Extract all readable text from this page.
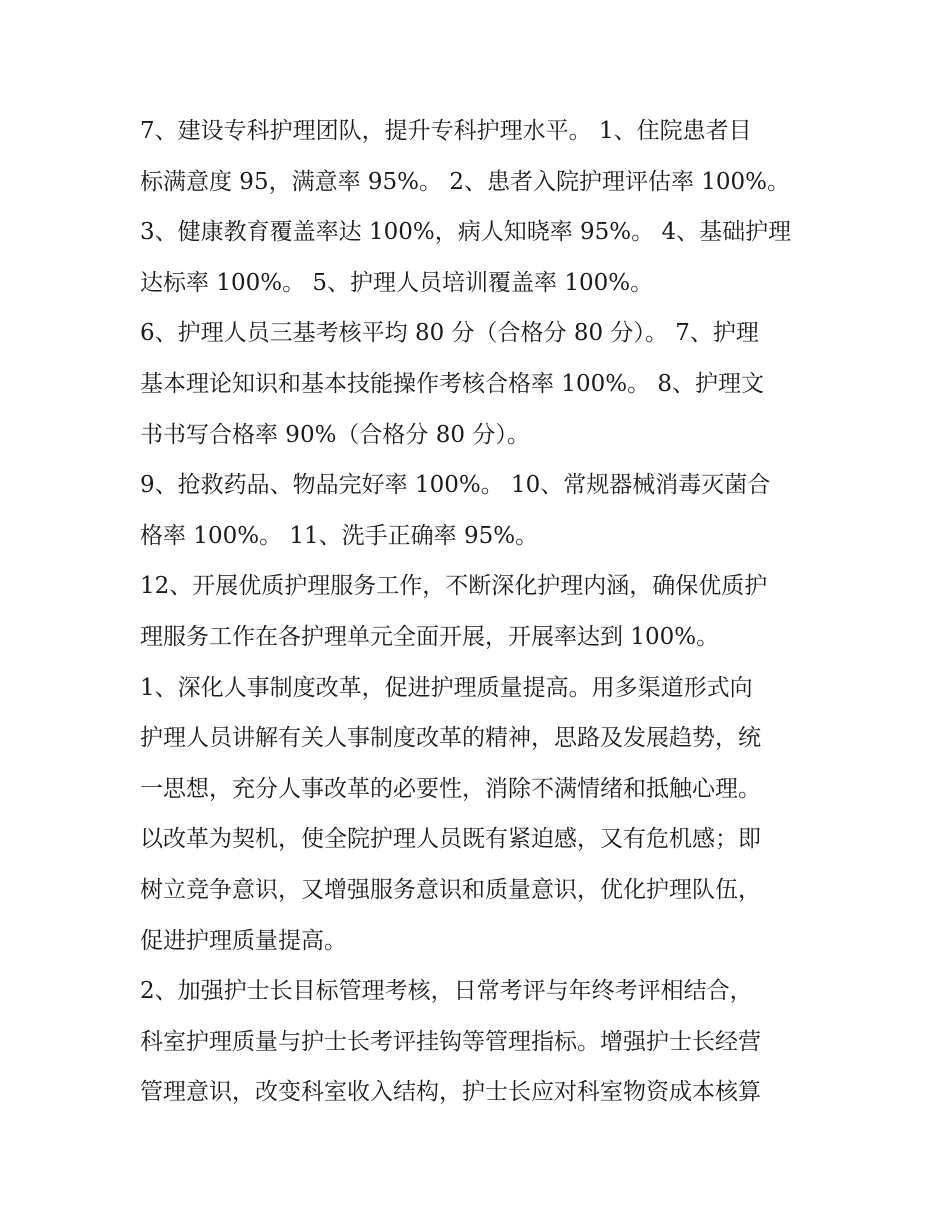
7、建设专科护理团队，提升专科护理水平。 1、住院患者目
标满意度 95，满意率 95%。 2、患者入院护理评估率 100%。

3、健康教育覆盖率达 100%，病人知晓率 95%。 4、基础护理
达标率 100%。 5、护理人员培训覆盖率 100%。

6、护理人员三基考核平均 80 分（合格分 80 分）。 7、护理
基本理论知识和基本技能操作考核合格率 100%。 8、护理文
书书写合格率 90%（合格分 80 分）。

9、抢救药品、物品完好率 100%。 10、常规器械消毒灭菌合
格率 100%。 11、洗手正确率 95%。

12、开展优质护理服务工作，不断深化护理内涵，确保优质护
理服务工作在各护理单元全面开展，开展率达到 100%。

1、深化人事制度改革，促进护理质量提高。用多渠道形式向
护理人员讲解有关人事制度改革的精神，思路及发展趋势，统
一思想，充分人事改革的必要性，消除不满情绪和抵触心理。
以改革为契机，使全院护理人员既有紧迫感，又有危机感；即
树立竞争意识，又增强服务意识和质量意识，优化护理队伍，
促进护理质量提高。

2、加强护士长目标管理考核，日常考评与年终考评相结合，
科室护理质量与护士长考评挂钩等管理指标。增强护士长经营
管理意识，改变科室收入结构，护士长应对科室物资成本核算
